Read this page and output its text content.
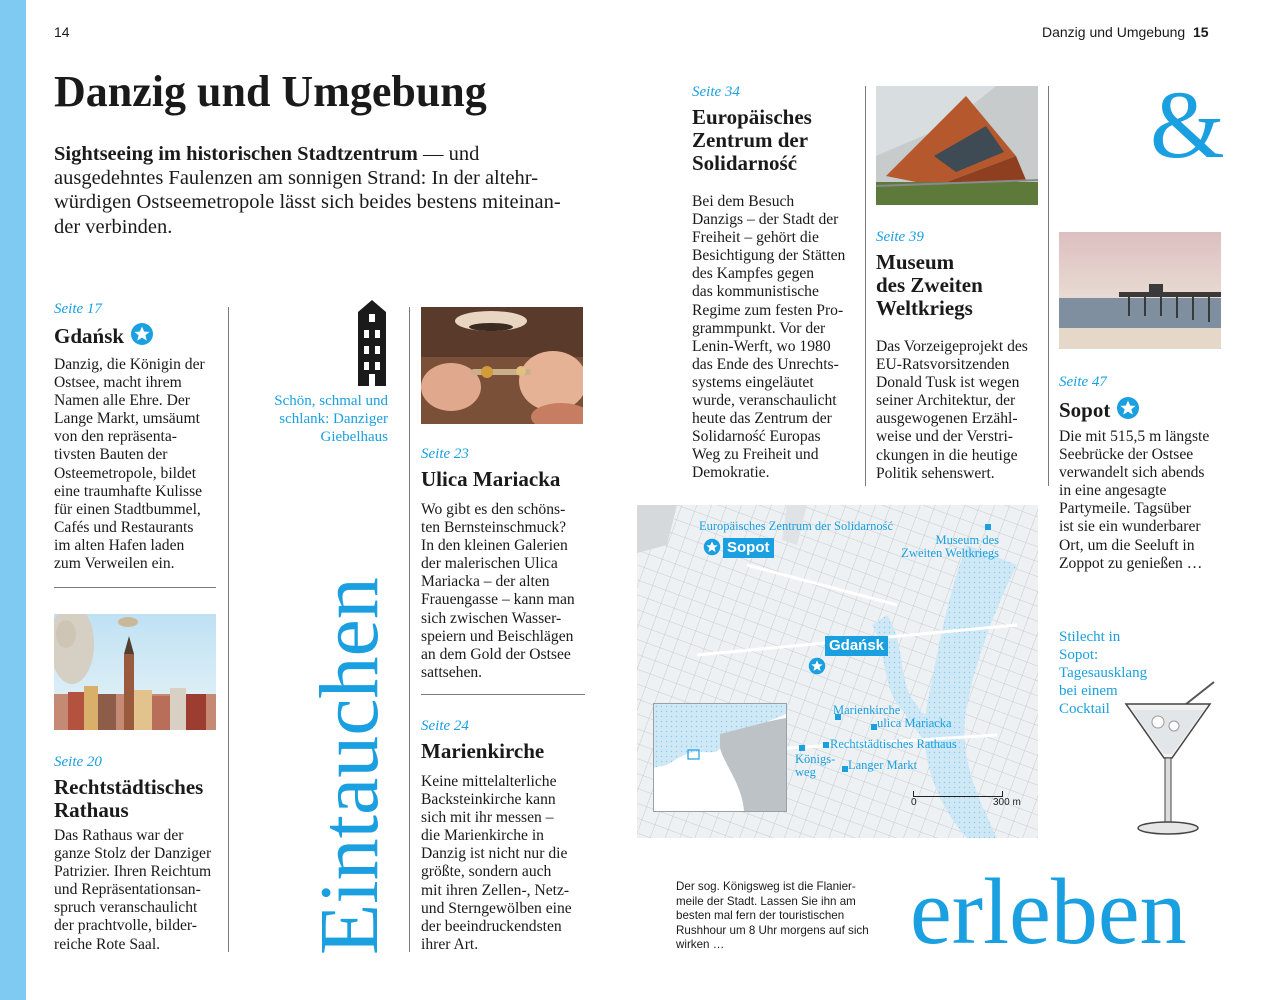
14	Danzig und Umgebung 15
Danzig und Umgebung
Sightseeing im historischen Stadtzentrum — und
ausgedehntes Faulenzen am sonnigen Strand: In der altehr-
würdigen Ostseemetropole lässt sich beides bestens miteinan-
der verbinden.
Seite 17
Gdańsk
Danzig, die Königin der
Ostsee, macht ihrem
Namen alle Ehre. Der
Lange Markt, umsäumt
von den repräsenta-
tivsten Bauten der
Osteemetropole, bildet
eine traumhafte Kulisse
für einen Stadtbummel,
Cafés und Restaurants
im alten Hafen laden
zum Verweilen ein.
Seite 20
Rechtstädtisches
Rathaus
Das Rathaus war der
ganze Stolz der Danziger
Patrizier. Ihren Reichtum
und Repräsentationsan-
spruch veranschaulicht
der prachtvolle, bilder-
reiche Rote Saal.
Schön, schmal und
schlank: Danziger
Giebelhaus
Eintauchen
Seite 23
Ulica Mariacka
Wo gibt es den schöns-
ten Bernsteinschmuck?
In den kleinen Galerien
der malerischen Ulica
Mariacka – der alten
Frauengasse – kann man
sich zwischen Wasser-
speiern und Beischlägen
an dem Gold der Ostsee
sattsehen.
Seite 24
Marienkirche
Keine mittelalterliche
Backsteinkirche kann
sich mit ihr messen –
die Marienkirche in
Danzig ist nicht nur die
größte, sondern auch
mit ihren Zellen-, Netz-
und Sterngewölben eine
der beeindruckendsten
ihrer Art.
Seite 34
Europäisches
Zentrum der
Solidarność
Bei dem Besuch
Danzigs – der Stadt der
Freiheit – gehört die
Besichtigung der Stätten
des Kampfes gegen
das kommunistische
Regime zum festen Pro-
grammpunkt. Vor der
Lenin-Werft, wo 1980
das Ende des Unrechts-
systems eingeläutet
wurde, veranschaulicht
heute das Zentrum der
Solidarność Europas
Weg zu Freiheit und
Demokratie.
Seite 39
Museum
des Zweiten
Weltkriegs
Das Vorzeigeprojekt des
EU-Ratsvorsitzenden
Donald Tusk ist wegen
seiner Architektur, der
ausgewogenen Erzähl-
weise und der Verstri-
ckungen in die heutige
Politik sehenswert.
&
Seite 47
Sopot
Die mit 515,5 m längste
Seebrücke der Ostsee
verwandelt sich abends
in eine angesagte
Partymeile. Tagsüber
ist sie ein wunderbarer
Ort, um die Seeluft in
Zoppot zu genießen …
Stilecht in
Sopot:
Tagesausklang
bei einem
Cocktail
Europäisches Zentrum der Solidarność
Museum des
Zweiten Weltkriegs
Sopot
Gdańsk
Marienkirche
ulica Mariacka
Rechtstädtisches Rathaus
Königs-
weg	Langer Markt
0	300 m
Der sog. Königsweg ist die Flanier-
meile der Stadt. Lassen Sie ihn am
besten mal fern der touristischen
Rushhour um 8 Uhr morgens auf sich
wirken …	erleben
